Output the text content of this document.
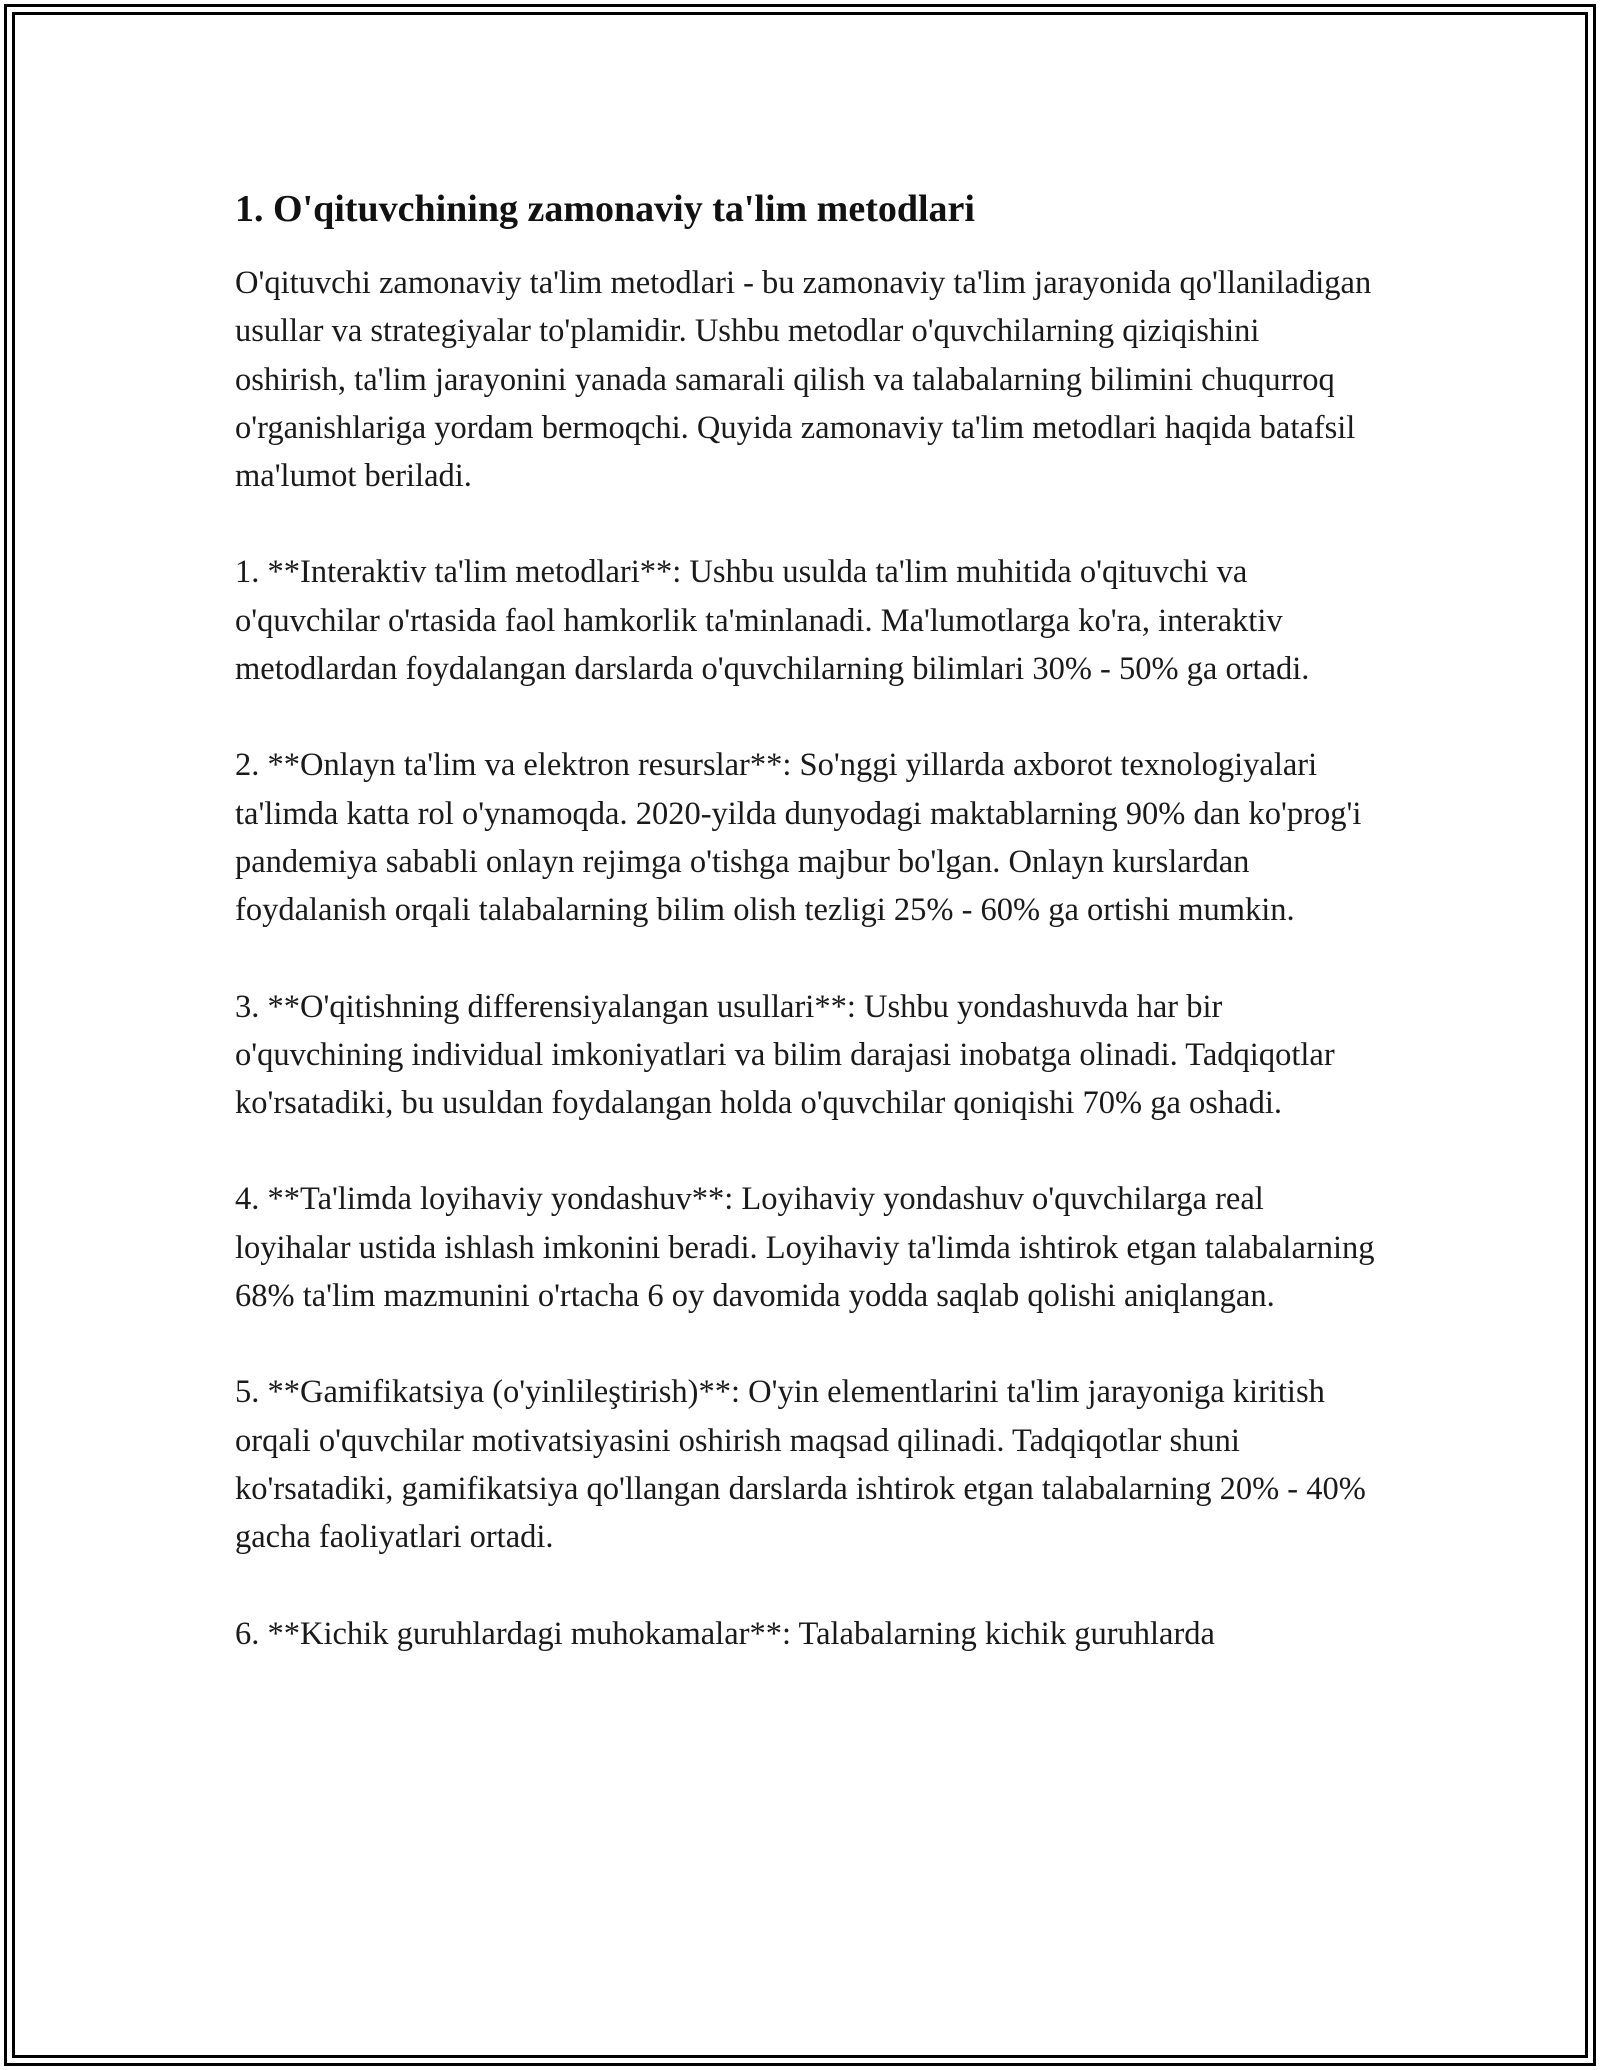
1. O'qituvchining zamonaviy ta'lim metodlari

O'qituvchi zamonaviy ta'lim metodlari - bu zamonaviy ta'lim jarayonida qo'llaniladigan usullar va strategiyalar to'plamidir. Ushbu metodlar o'quvchilarning qiziqishini oshirish, ta'lim jarayonini yanada samarali qilish va talabalarning bilimini chuqurroq o'rganishlariga yordam bermoqchi. Quyida zamonaviy ta'lim metodlari haqida batafsil ma'lumot beriladi.

1. **Interaktiv ta'lim metodlari**: Ushbu usulda ta'lim muhitida o'qituvchi va o'quvchilar o'rtasida faol hamkorlik ta'minlanadi. Ma'lumotlarga ko'ra, interaktiv metodlardan foydalangan darslarda o'quvchilarning bilimlari 30% - 50% ga ortadi.

2. **Onlayn ta'lim va elektron resurslar**: So'nggi yillarda axborot texnologiyalari ta'limda katta rol o'ynamoqda. 2020-yilda dunyodagi maktablarning 90% dan ko'prog'i pandemiya sababli onlayn rejimga o'tishga majbur bo'lgan. Onlayn kurslardan foydalanish orqali talabalarning bilim olish tezligi 25% - 60% ga ortishi mumkin.

3. **O'qitishning differensiyalangan usullari**: Ushbu yondashuvda har bir o'quvchining individual imkoniyatlari va bilim darajasi inobatga olinadi. Tadqiqotlar ko'rsatadiki, bu usuldan foydalangan holda o'quvchilar qoniqishi 70% ga oshadi.

4. **Ta'limda loyihaviy yondashuv**: Loyihaviy yondashuv o'quvchilarga real loyihalar ustida ishlash imkonini beradi. Loyihaviy ta'limda ishtirok etgan talabalarning 68% ta'lim mazmunini o'rtacha 6 oy davomida yodda saqlab qolishi aniqlangan.

5. **Gamifikatsiya (o'yinlileştirish)**: O'yin elementlarini ta'lim jarayoniga kiritish orqali o'quvchilar motivatsiyasini oshirish maqsad qilinadi. Tadqiqotlar shuni ko'rsatadiki, gamifikatsiya qo'llangan darslarda ishtirok etgan talabalarning 20% - 40% gacha faoliyatlari ortadi.

6. **Kichik guruhlardagi muhokamalar**: Talabalarning kichik guruhlarda
